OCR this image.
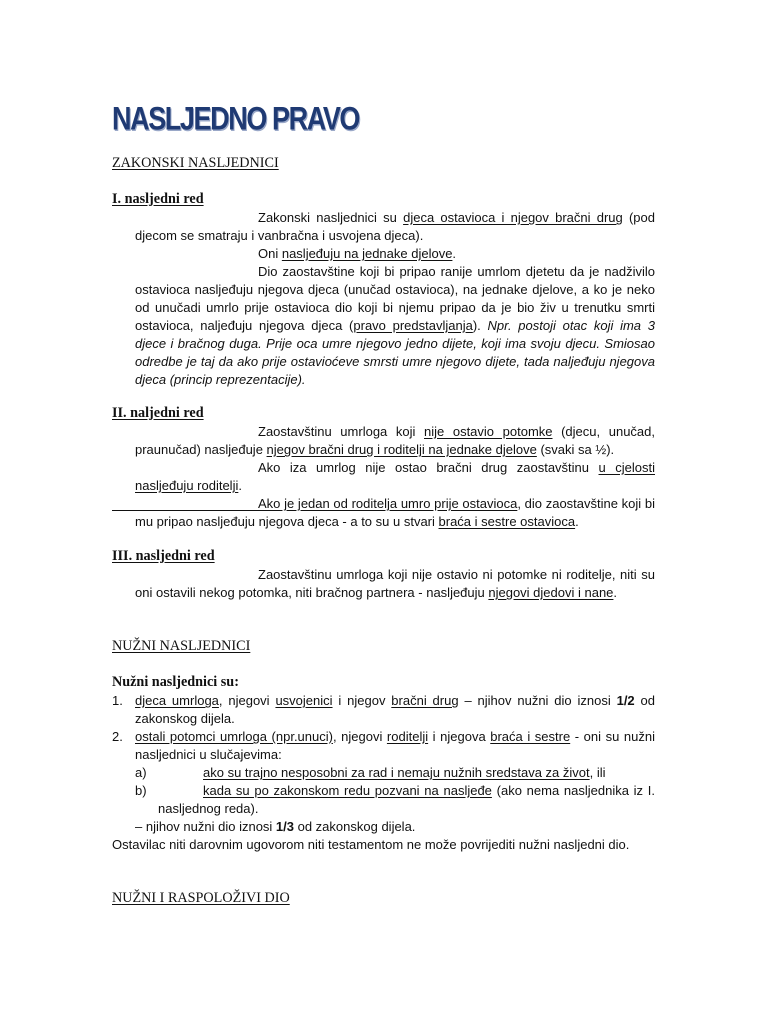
NASLJEDNO PRAVO
ZAKONSKI NASLJEDNICI
I. nasljedni red
Zakonski nasljednici su djeca ostavioca i njegov bračni drug (pod djecom se smatraju i vanbračna i usvojena djeca).
Oni nasljeđuju na jednake djelove.
Dio zaostavštine koji bi pripao ranije umrlom djetetu da je nadživilo ostavioca nasljeđuju njegova djeca (unučad ostavioca), na jednake djelove, a ko je neko od unučadi umrlo prije ostavioca dio koji bi njemu pripao da je bio živ u trenutku smrti ostavioca, nalјeđuju njegova djeca (pravo predstavljanja). Npr. postoji otac koji ima 3 djece i bračnog duga. Prije oca umre njegovo jedno dijete, koji ima svoju djecu. Smiosao odredbe je taj da ako prije ostavioćeve smrsti umre njegovo dijete, tada nalјeđuju njegova djeca (princip reprezentacije).
II. naljedni red
Zaostavštinu umrloga koji nije ostavio potomke (djecu, unučad, praunučad) nasljeđuje njegov bračni drug i roditelji na jednake djelove (svaki sa ½).
Ako iza umrlog nije ostao bračni drug zaostavštinu u cjelosti nasljeđuju roditelji.
Ako je jedan od roditelja umro prije ostavioca, dio zaostavštine koji bi mu pripao nasljeđuju njegova djeca - a to su u stvari braća i sestre ostavioca.
III. nasljedni red
Zaostavštinu umrloga koji nije ostavio ni potomke ni roditelje, niti su oni ostavili nekog potomka, niti bračnog partnera - nasljeđuju njegovi djedovi i nane.
NUŽNI NASLJEDNICI
Nužni nasljednici su:
1. djeca umrloga, njegovi usvojenici i njegov bračni drug – njihov nužni dio iznosi 1/2 od zakonskog dijela.
2. ostali potomci umrloga (npr.unuci), njegovi roditelji i njegova braća i sestre - oni su nužni nasljednici u slučajevima:
a)	ako su trajno nesposobni za rad i nemaju nužnih sredstava za život, ili
b)	kada su po zakonskom redu pozvani na nasljeđe (ako nema nasljednika iz I. nasljednog reda).
– njihov nužni dio iznosi 1/3 od zakonskog dijela.
Ostavilac niti darovnim ugovorom niti testamentom ne može povrijediti nužni nasljedni dio.
NUŽNI I RASPOLOŽIVI DIO
